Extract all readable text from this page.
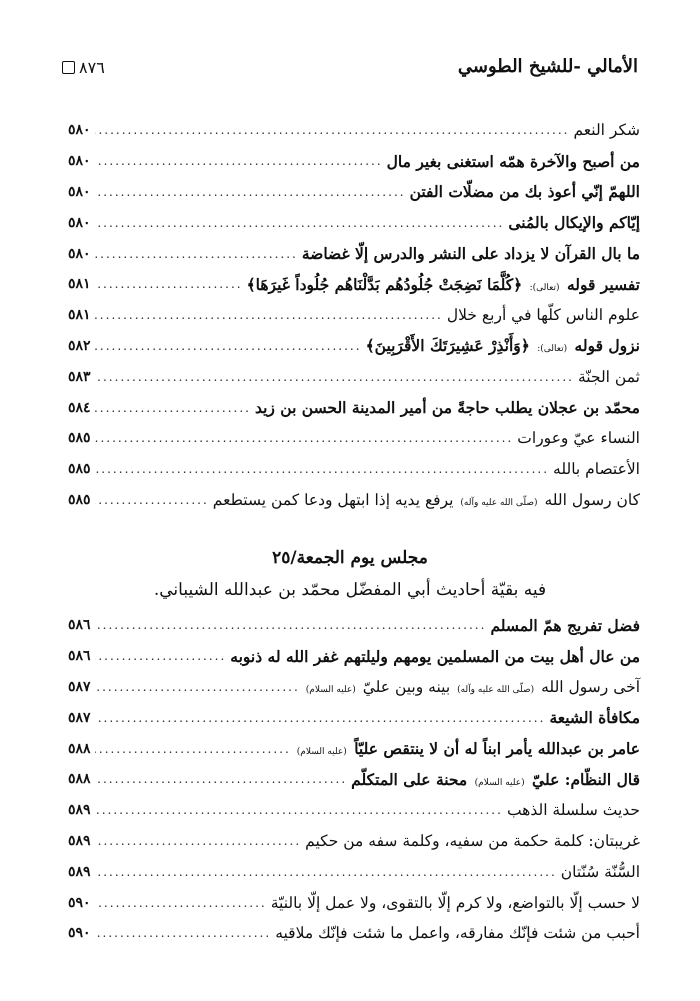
الأمالي -للشيخ الطوسي
٨٧٦
شكر النعم
.....
٥٨٠
من أصبح والآخرة همّه استغنى بغير مال
.....
٥٨٠
اللهمّ إنّي أعوذ بك من مضلّات الفتن
.....
٥٨٠
إيّاكم والإيكال بالمُنى
.....
٥٨٠
ما بال القرآن لا يزداد على النشر والدرس إلّا غضاضة
.....
٥٨٠
تفسير قوله (تعالى): ﴿كُلَّمَا نَضِجَتْ جُلُودُهُم بَدَّلْنَاهُم جُلُوداً غَيرَهَا﴾
.....
٥٨١
علوم الناس كلّها في أربع خلال
.....
٥٨١
نزول قوله (تعالى): ﴿وَأَنْذِرْ عَشِيرَتَكَ الأَقْرَبِينَ﴾
.....
٥٨٢
ثمن الجنّة
.....
٥٨٣
محمّد بن عجلان يطلب حاجةً من أمير المدينة الحسن بن زيد
.....
٥٨٤
النساء عيّ وعورات
.....
٥٨٥
الأعتصام بالله
.....
٥٨٥
كان رسول الله (صلّى الله عليه وآله) يرفع يديه إذا ابتهل ودعا كمن يستطعم
.....
٥٨٥
مجلس يوم الجمعة/٢٥
فيه بقيّة أحاديث أبي المفضّل محمّد بن عبدالله الشيباني.
فضل تفريج همّ المسلم
.....
٥٨٦
من عال أهل بيت من المسلمين يومهم وليلتهم غفر الله له ذنوبه
.....
٥٨٦
آخى رسول الله (صلّى الله عليه وآله) بينه وبين عليّ (عليه السلام)
.....
٥٨٧
مكافأة الشيعة
.....
٥٨٧
عامر بن عبدالله يأمر ابناً له أن لا ينتقص عليّاً (عليه السلام)
.....
٥٨٨
قال النظّام: عليّ (عليه السلام) محنة على المتكلّم
.....
٥٨٨
حديث سلسلة الذهب
.....
٥٨٩
غريبتان: كلمة حكمة من سفيه، وكلمة سفه من حكيم
.....
٥٨٩
السُّنّة سُنّتان
.....
٥٨٩
لا حسب إلّا بالتواضع، ولا كرم إلّا بالتقوى، ولا عمل إلّا بالنيّة
.....
٥٩٠
أحبب من شئت فإنّك مفارقه، واعمل ما شئت فإنّك ملاقيه
.....
٥٩٠
